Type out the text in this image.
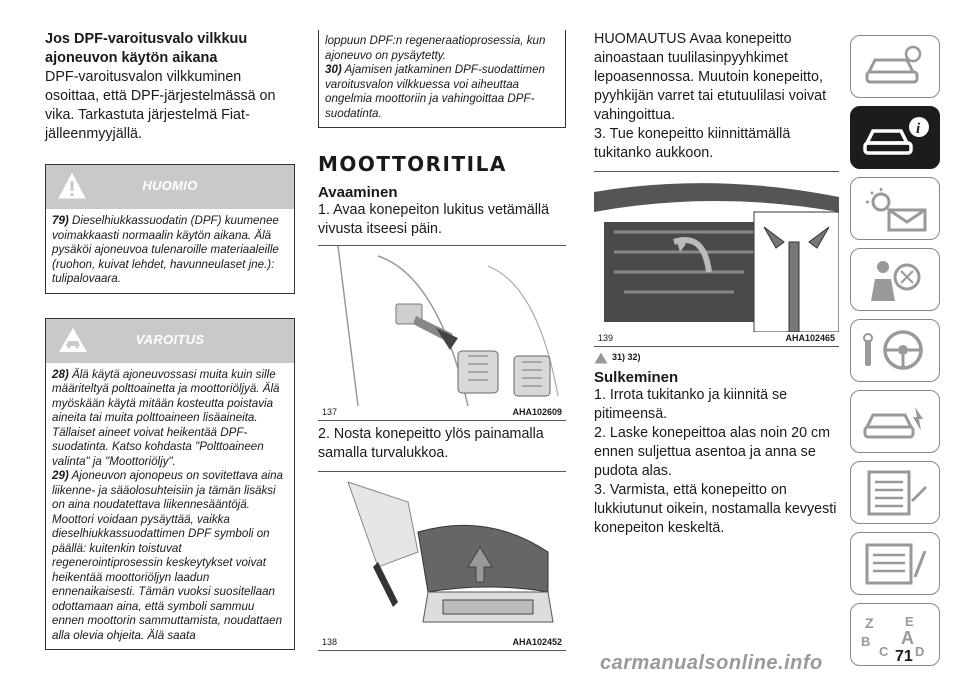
Jos DPF-varoitusvalo vilkkuu ajoneuvon käytön aikana
DPF-varoitusvalon vilkkuminen osoittaa, että DPF-järjestelmässä on vika. Tarkastuta järjestelmä Fiat-jälleenmyyjällä.
HUOMIO
79) Dieselhiukkassuodatin (DPF) kuumenee voimakkaasti normaalin käytön aikana. Älä pysäköi ajoneuvoa tulenaroille materiaaleille (ruohon, kuivat lehdet, havunneulaset jne.): tulipalovaara.
VAROITUS

28) Älä käytä ajoneuvossasi muita kuin sille määriteltyä polttoainetta ja moottoriöljyä. Älä myöskään käytä mitään kosteutta poistavia aineita tai muita polttoaineen lisäaineita. Tällaiset aineet voivat heikentää DPF-suodatinta. Katso kohdasta "Polttoaineen valinta" ja "Moottoriöljy".

29) Ajoneuvon ajonopeus on sovitettava aina liikenne- ja sääolosuhteisiin ja tämän lisäksi on aina noudatettava liikennesääntöjä. Moottori voidaan pysäyttää, vaikka dieselhiukkassuodattimen DPF symboli on päällä: kuitenkin toistuvat regenerointiprosessin keskeytykset voivat heikentää moottoriöljyn laadun ennenaikaisesti. Tämän vuoksi suositellaan odottamaan aina, että symboli sammuu ennen moottorin sammuttamista, noudattaen alla olevia ohjeita. Älä saata

loppuun DPF:n regeneraatioprosessia, kun ajoneuvo on pysäytetty.

30) Ajamisen jatkaminen DPF-suodattimen varoitusvalon vilkkuessa voi aiheuttaa ongelmia moottoriin ja vahingoittaa DPF-suodatinta.

MOOTTORITILA
Avaaminen
1. Avaa konepeiton lukitus vetämällä vivusta itseesi päin.
137	AHA102609
2. Nosta konepeitto ylös painamalla samalla turvalukkoa.
138	AHA102452
HUOMAUTUS Avaa konepeitto ainoastaan tuulilasinpyyhkimet lepoasennossa. Muutoin konepeitto, pyyhkijän varret tai etutuulilasi voivat vahingoittua.
3. Tue konepeitto kiinnittämällä tukitanko aukkoon.
139	AHA102465
31) 32)
Sulkeminen
1. Irrota tukitanko ja kiinnitä se pitimeensä.
2. Laske konepeittoa alas noin 20 cm ennen suljettua asentoa ja anna se pudota alas.
3. Varmista, että konepeitto on lukkiutunut oikein, nostamalla kevyesti konepeiton keskeltä.
i
Z E
B A
C D
carmanualsonline.info	71
